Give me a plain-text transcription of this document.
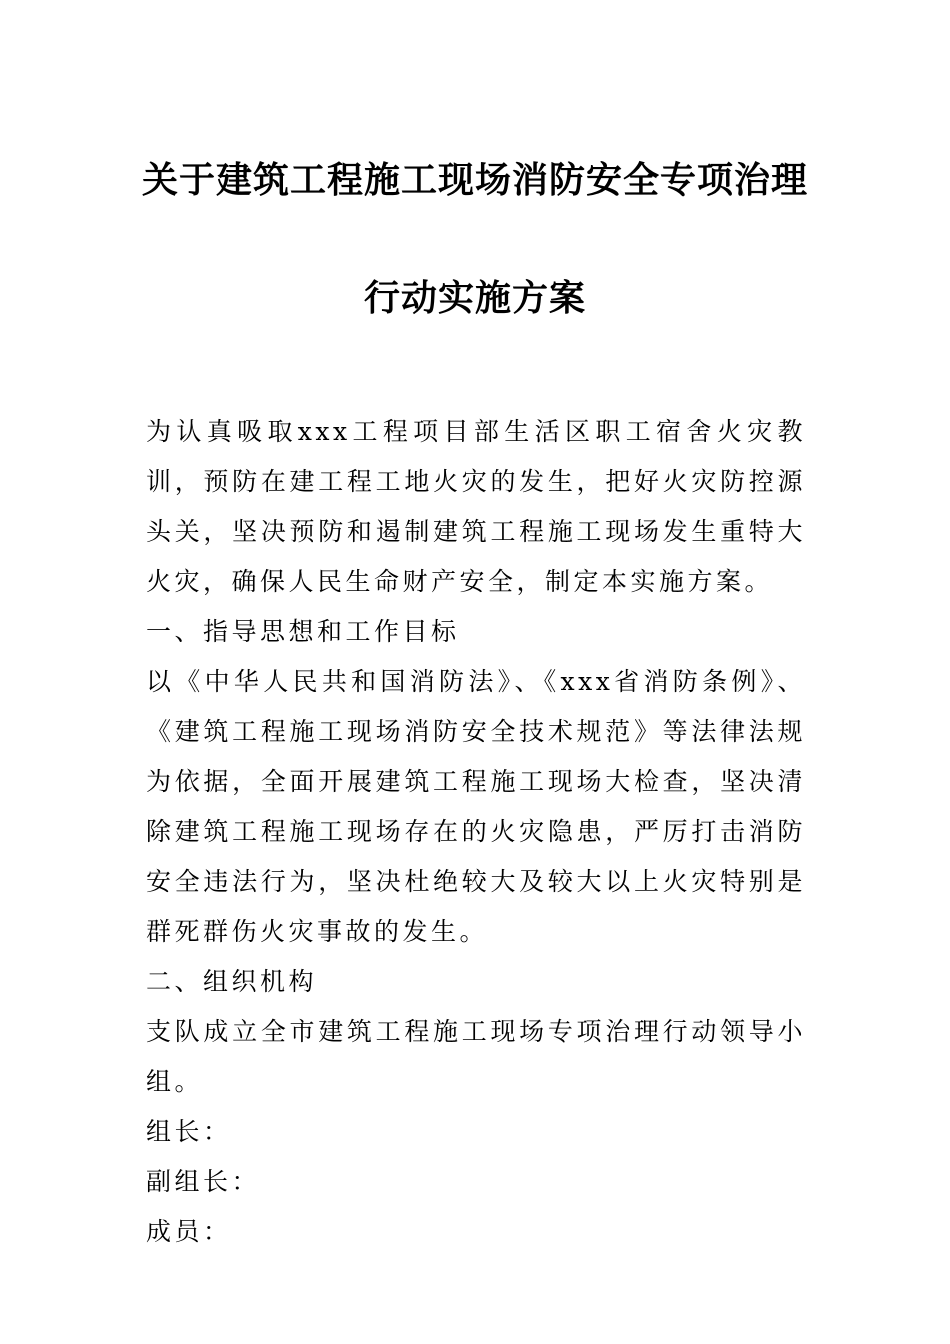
关于建筑工程施工现场消防安全专项治理
行动实施方案

为认真吸取xxx工程项目部生活区职工宿舍火灾教训，预防在建工程工地火灾的发生，把好火灾防控源头关，坚决预防和遏制建筑工程施工现场发生重特大火灾，确保人民生命财产安全，制定本实施方案。

一、指导思想和工作目标

以《中华人民共和国消防法》、《xxx省消防条例》、《建筑工程施工现场消防安全技术规范》等法律法规为依据，全面开展建筑工程施工现场大检查，坚决清除建筑工程施工现场存在的火灾隐患，严厉打击消防安全违法行为，坚决杜绝较大及较大以上火灾特别是群死群伤火灾事故的发生。

二、组织机构

支队成立全市建筑工程施工现场专项治理行动领导小组。

组长：

副组长：

成员：
